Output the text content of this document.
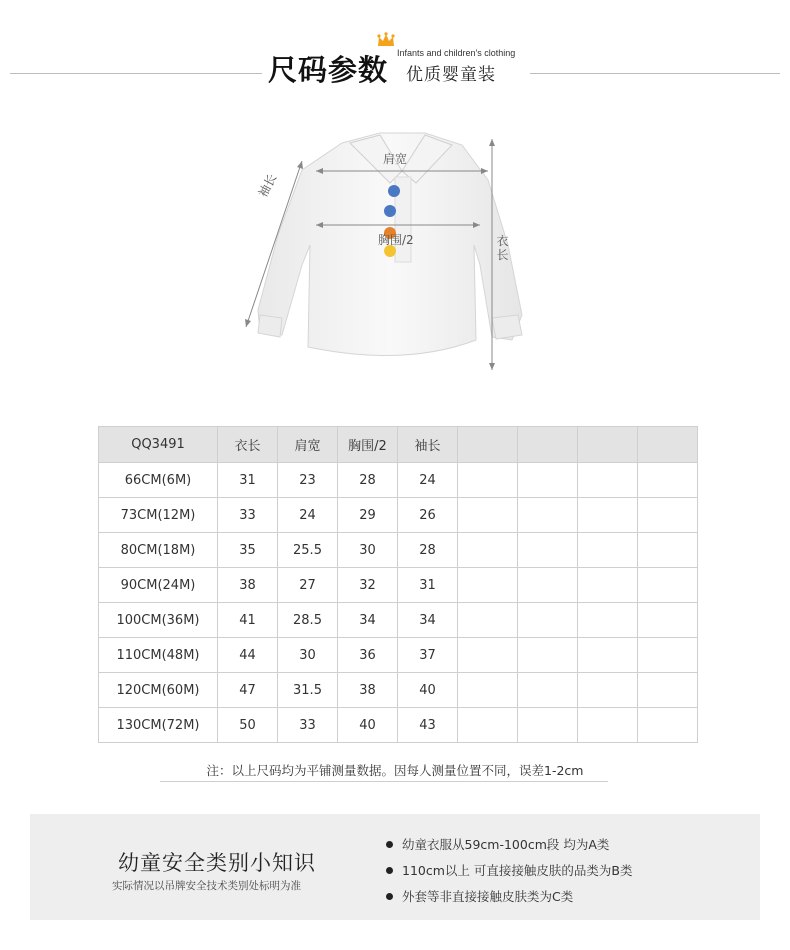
尺码参数 Infants and children's clothing
优质婴童装
肩宽
胸围/2	衣
长
袖长
QQ3491	衣长	肩宽	胸围/2	袖长				
66CM(6M)	31	23	28	24				
73CM(12M)	33	24	29	26				
80CM(18M)	35	25.5	30	28				
90CM(24M)	38	27	32	31				
100CM(36M)	41	28.5	34	34				
110CM(48M)	44	30	36	37				
120CM(60M)	47	31.5	38	40				
130CM(72M)	50	33	40	43				
注：以上尺码均为平铺测量数据。因每人测量位置不同，误差1-2cm
幼童安全类别小知识
实际情况以吊牌安全技术类别处标明为准
幼童衣服从59cm-100cm段 均为A类
110cm以上 可直接接触皮肤的品类为B类
外套等非直接接触皮肤类为C类
